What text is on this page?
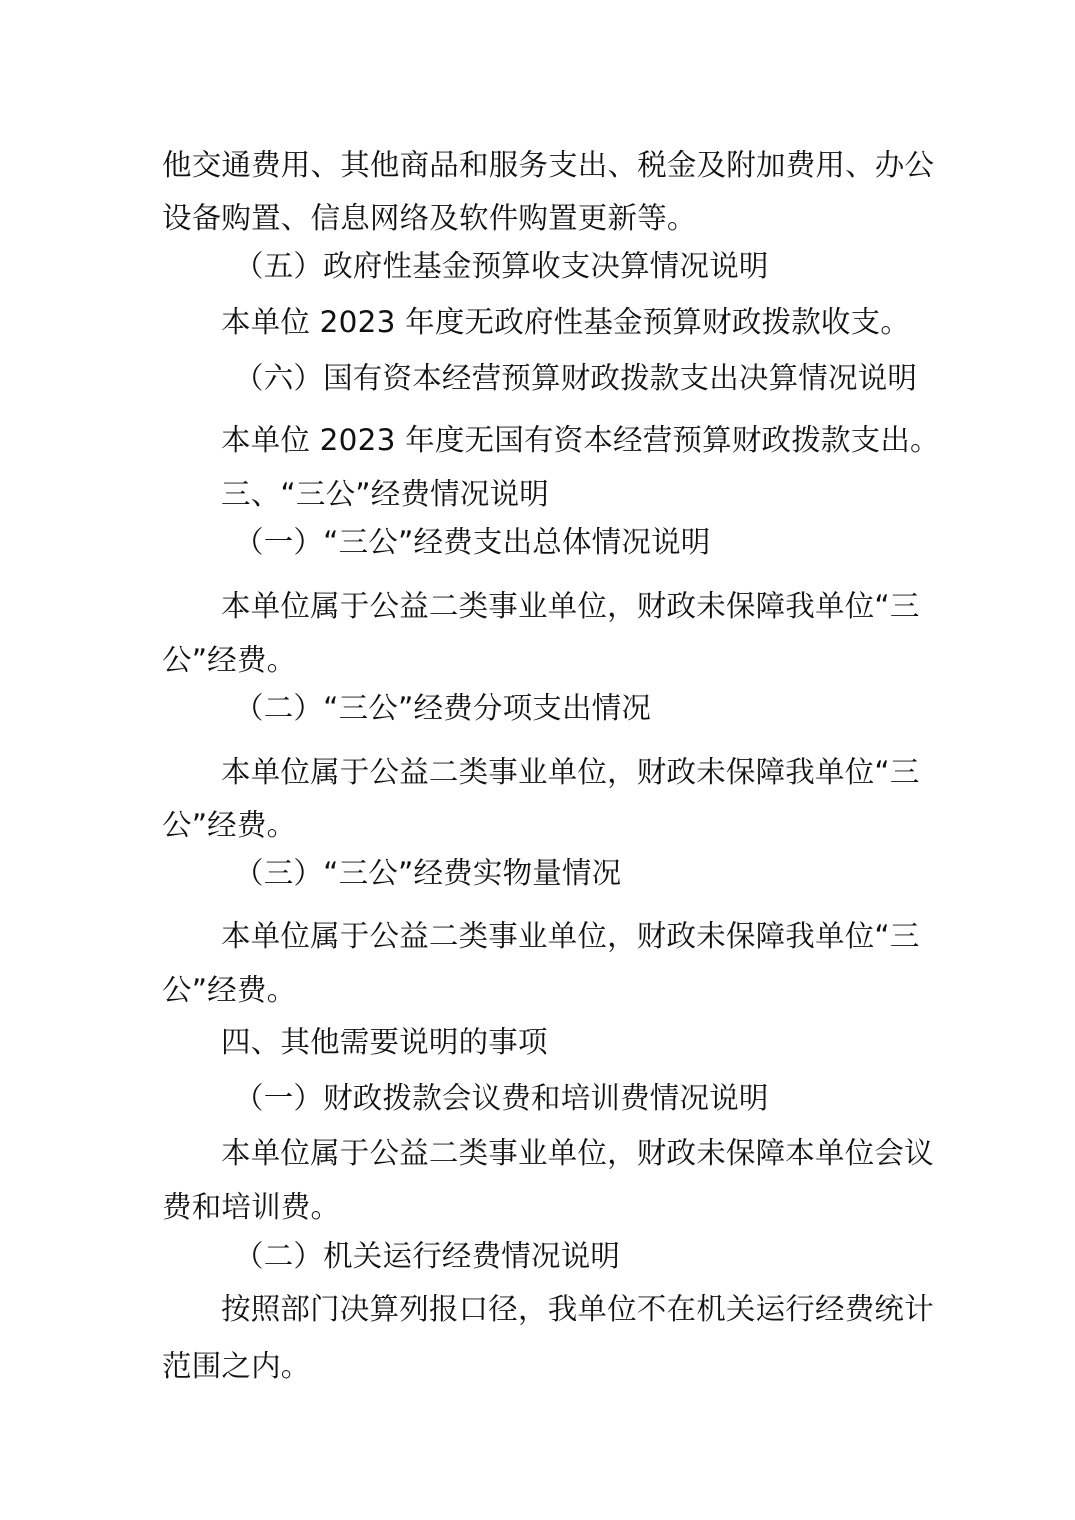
他交通费用、其他商品和服务支出、税金及附加费用、办公
设备购置、信息网络及软件购置更新等。
（五）政府性基金预算收支决算情况说明
本单位 2023 年度无政府性基金预算财政拨款收支。
（六）国有资本经营预算财政拨款支出决算情况说明
本单位 2023 年度无国有资本经营预算财政拨款支出。
三、“三公”经费情况说明
（一）“三公”经费支出总体情况说明
本单位属于公益二类事业单位，财政未保障我单位“三
公”经费。
（二）“三公”经费分项支出情况
本单位属于公益二类事业单位，财政未保障我单位“三
公”经费。
（三）“三公”经费实物量情况
本单位属于公益二类事业单位，财政未保障我单位“三
公”经费。
四、其他需要说明的事项
（一）财政拨款会议费和培训费情况说明
本单位属于公益二类事业单位，财政未保障本单位会议
费和培训费。
（二）机关运行经费情况说明
按照部门决算列报口径，我单位不在机关运行经费统计
范围之内。
